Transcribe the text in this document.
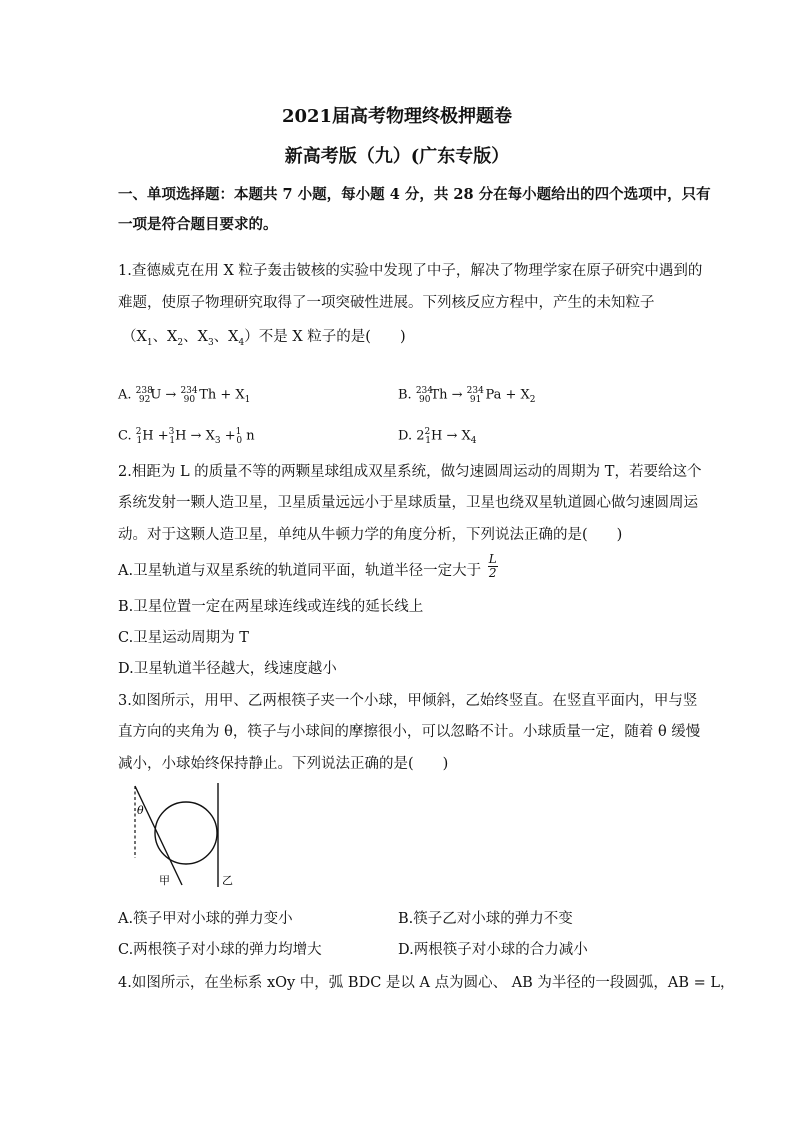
2021届高考物理终极押题卷
新高考版（九）(广东专版）
一、单项选择题：本题共 7 小题，每小题 4 分，共 28 分在每小题给出的四个选项中，只有
一项是符合题目要求的。
1.查德威克在用 X 粒子轰击铍核的实验中发现了中子，解决了物理学家在原子研究中遇到的
难题，使原子物理研究取得了一项突破性进展。下列核反应方程中，产生的未知粒子
（$X_1$、$X_2$、$X_3$、$X_4$）不是 X 粒子的是(　　)
A. $^{238}_{92}$U → $^{234}_{90}$ $Th + X_1$	B. $^{234}_{90}$Th → $^{234}_{91}$ $Pa + X_2$
C. $^2_1H +^3_1H \to X_3 +^1_0$ n	D. $2^2_1H \to X_4$
2.相距为 L 的质量不等的两颗星球组成双星系统，做匀速圆周运动的周期为 T，若要给这个
系统发射一颗人造卫星，卫星质量远远小于星球质量，卫星也绕双星轨道圆心做匀速圆周运
动。对于这颗人造卫星，单纯从牛顿力学的角度分析，下列说法正确的是(　　)
A.卫星轨道与双星系统的轨道同平面，轨道半径一定大于 $\frac{L}{2}$
B.卫星位置一定在两星球连线或连线的延长线上
C.卫星运动周期为 T
D.卫星轨道半径越大，线速度越小
3.如图所示，用甲、乙两根筷子夹一个小球，甲倾斜，乙始终竖直。在竖直平面内，甲与竖
直方向的夹角为 θ，筷子与小球间的摩擦很小，可以忽略不计。小球质量一定，随着 θ 缓慢
减小，小球始终保持静止。下列说法正确的是(　　)
θ
甲	乙
A.筷子甲对小球的弹力变小	B.筷子乙对小球的弹力不变
C.两根筷子对小球的弹力均增大	D.两根筷子对小球的合力减小
4.如图所示，在坐标系 xOy 中，弧 BDC 是以 A 点为圆心、 AB 为半径的一段圆弧，AB = L，
